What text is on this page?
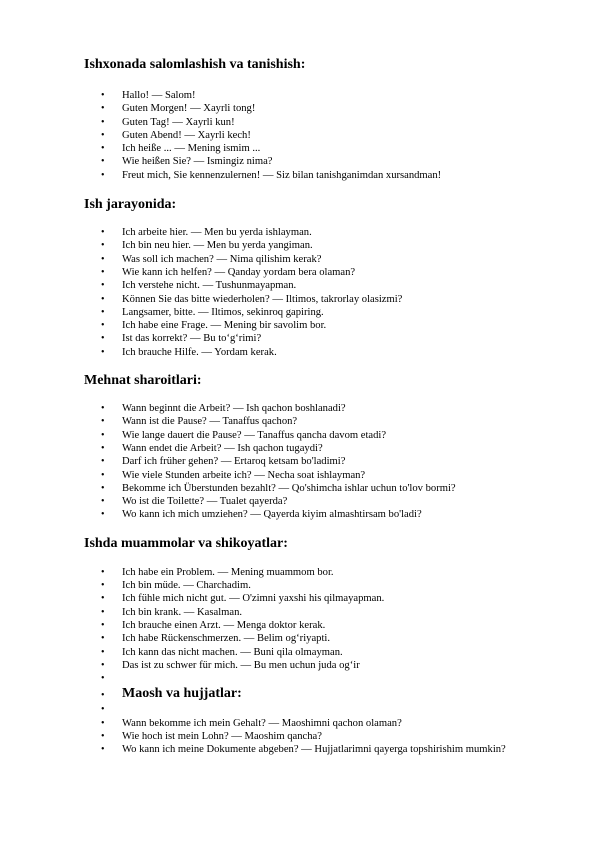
Ishxonada salomlashish va tanishish:
• Hallo! — Salom!
• Guten Morgen! — Xayrli tong!
• Guten Tag! — Xayrli kun!
• Guten Abend! — Xayrli kech!
• Ich heiße ... — Mening ismim ...
• Wie heißen Sie? — Ismingiz nima?
• Freut mich, Sie kennenzulernen! — Siz bilan tanishganimdan xursandman!
Ish jarayonida:
• Ich arbeite hier. — Men bu yerda ishlayman.
• Ich bin neu hier. — Men bu yerda yangiman.
• Was soll ich machen? — Nima qilishim kerak?
• Wie kann ich helfen? — Qanday yordam bera olaman?
• Ich verstehe nicht. — Tushunmayapman.
• Können Sie das bitte wiederholen? — Iltimos, takrorlay olasizmi?
• Langsamer, bitte. — Iltimos, sekinroq gapiring.
• Ich habe eine Frage. — Mening bir savolim bor.
• Ist das korrekt? — Bu to‘g‘rimi?
• Ich brauche Hilfe. — Yordam kerak.
Mehnat sharoitlari:
• Wann beginnt die Arbeit? — Ish qachon boshlanadi?
• Wann ist die Pause? — Tanaffus qachon?
• Wie lange dauert die Pause? — Tanaffus qancha davom etadi?
• Wann endet die Arbeit? — Ish qachon tugaydi?
• Darf ich früher gehen? — Ertaroq ketsam bo'ladimi?
• Wie viele Stunden arbeite ich? — Necha soat ishlayman?
• Bekomme ich Überstunden bezahlt? — Qo'shimcha ishlar uchun to'lov bormi?
• Wo ist die Toilette? — Tualet qayerda?
• Wo kann ich mich umziehen? — Qayerda kiyim almashtirsam bo'ladi?
Ishda muammolar va shikoyatlar:
• Ich habe ein Problem. — Mening muammom bor.
• Ich bin müde. — Charchadim.
• Ich fühle mich nicht gut. — O'zimni yaxshi his qilmayapman.
• Ich bin krank. — Kasalman.
• Ich brauche einen Arzt. — Menga doktor kerak.
• Ich habe Rückenschmerzen. — Belim og‘riyapti.
• Ich kann das nicht machen. — Buni qila olmayman.
• Das ist zu schwer für mich. — Bu men uchun juda og‘ir
•
• Maosh va hujjatlar:
•
• Wann bekomme ich mein Gehalt? — Maoshimni qachon olaman?
• Wie hoch ist mein Lohn? — Maoshim qancha?
• Wo kann ich meine Dokumente abgeben? — Hujjatlarimni qayerga topshirishim mumkin?
